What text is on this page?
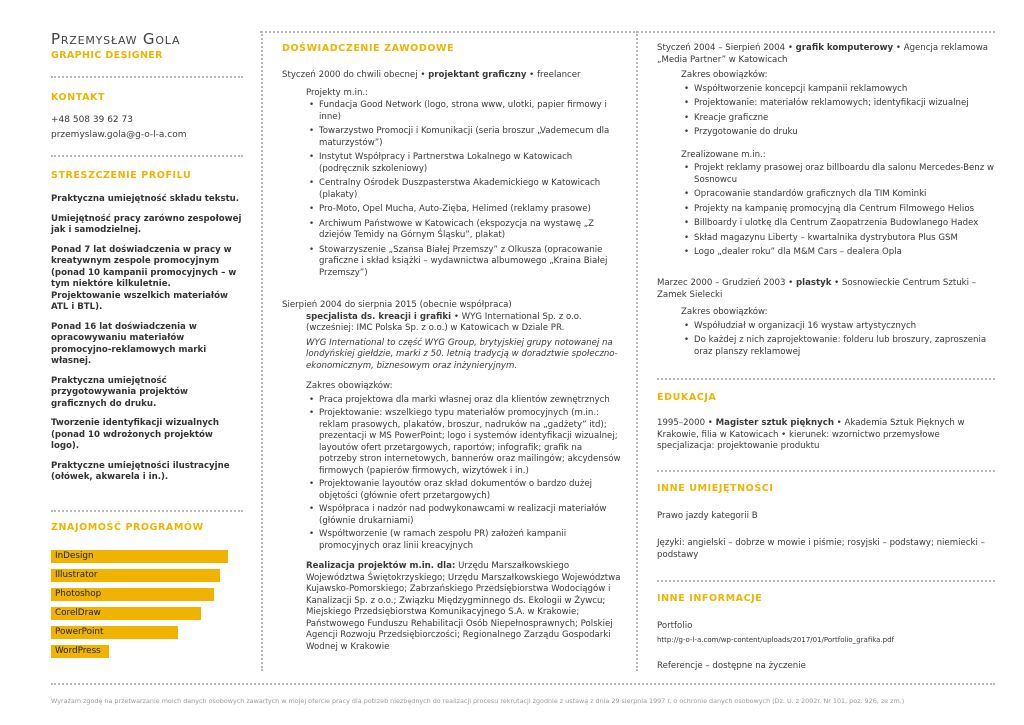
Przemysław Gola
GRAPHIC DESIGNER
KONTAKT
+48 508 39 62 73
przemyslaw.gola@g-o-l-a.com
STRESZCZENIE PROFILU

Praktyczna umiejętność składu tekstu.

Umiejętność pracy zarówno zespołowej jak i samodzielnej.

Ponad 7 lat doświadczenia w pracy w kreatywnym zespole promocyjnym (ponad 10 kampanii promocyjnych – w tym niektóre kilkuletnie. Projektowanie wszelkich materiałów ATL i BTL).

Ponad 16 lat doświadczenia w opracowywaniu materiałów promocyjno-reklamowych marki własnej.

Praktyczna umiejętność przygotowywania projektów graficznych do druku.

Tworzenie identyfikacji wizualnych (ponad 10 wdrożonych projektów logo).

Praktyczne umiejętności ilustracyjne (ołówek, akwarela i in.).

ZNAJOMOŚĆ PROGRAMÓW
InDesign
Illustrator
Photoshop
CorelDraw
PowerPoint
WordPress
DOŚWIADCZENIE ZAWODOWE
Styczeń 2000 do chwili obecnej • projektant graficzny • freelancer
Projekty m.in.:
• Fundacja Good Network (logo, strona www, ulotki, papier firmowy i inne)
• Towarzystwo Promocji i Komunikacji (seria broszur „Vademecum dla maturzystów”)
• Instytut Współpracy i Partnerstwa Lokalnego w Katowicach (podręcznik szkoleniowy)
• Centralny Ośrodek Duszpasterstwa Akademickiego w Katowicach (plakaty)
• Pro-Moto, Opel Mucha, Auto-Zięba, Helimed (reklamy prasowe)
• Archiwum Państwowe w Katowicach (ekspozycja na wystawę „Z dziejów Temidy na Górnym Śląsku”, plakat)
• Stowarzyszenie „Szansa Białej Przemszy” z Olkusza (opracowanie graficzne i skład książki – wydawnictwa albumowego „Kraina Białej Przemszy”)
Sierpień 2004 do sierpnia 2015 (obecnie współpraca)
specjalista ds. kreacji i grafiki • WYG International Sp. z o.o. (wcześniej: IMC Polska Sp. z o.o.) w Katowicach w Dziale PR.
WYG International to część WYG Group, brytyjskiej grupy notowanej na londyńskiej giełdzie, marki z 50. letnią tradycją w doradztwie społeczno-ekonomicznym, biznesowym oraz inżynieryjnym.
Zakres obowiązków:
• Praca projektowa dla marki własnej oraz dla klientów zewnętrznych
• Projektowanie: wszelkiego typu materiałów promocyjnych (m.in.: reklam prasowych, plakatów, broszur, nadruków na „gadżety” itd); prezentacji w MS PowerPoint; logo i systemów identyfikacji wizualnej; layoutów ofert przetargowych, raportów; infografik; grafik na potrzeby stron internetowych, bannerów oraz mailingów; akcydensów firmowych (papierów firmowych, wizytówek i in.)
• Projektowanie layoutów oraz skład dokumentów o bardzo dużej objętości (głównie ofert przetargowych)
• Współpraca i nadzór nad podwykonawcami w realizacji materiałów (głównie drukarniami)
• Współtworzenie (w ramach zespołu PR) założeń kampanii promocyjnych oraz linii kreacyjnych
Realizacja projektów m.in. dla: Urzędu Marszałkowskiego Województwa Świętokrzyskiego; Urzędu Marszałkowskiego Województwa Kujawsko-Pomorskiego; Zabrzańskiego Przedsiębiorstwa Wodociągów i Kanalizacji Sp. z o.o.; Związku Międzygminnego ds. Ekologii w Żywcu; Miejskiego Przedsiębiorstwa Komunikacyjnego S.A. w Krakowie; Państwowego Funduszu Rehabilitacji Osób Niepełnosprawnych; Polskiej Agencji Rozwoju Przedsiębiorczości; Regionalnego Zarządu Gospodarki Wodnej w Krakowie
Styczeń 2004 – Sierpień 2004 • grafik komputerowy • Agencja reklamowa „Media Partner” w Katowicach
Zakres obowiązków:
• Współtworzenie koncepcji kampanii reklamowych
• Projektowanie: materiałów reklamowych; identyfikacji wizualnej
• Kreacje graficzne
• Przygotowanie do druku
Zrealizowane m.in.:
• Projekt reklamy prasowej oraz billboardu dla salonu Mercedes-Benz w Sosnowcu
• Opracowanie standardów graficznych dla TIM Kominki
• Projekty na kampanię promocyjną dla Centrum Filmowego Helios
• Billboardy i ulotkę dla Centrum Zaopatrzenia Budowlanego Hadex
• Skład magazynu Liberty – kwartalnika dystrybutora Plus GSM
• Logo „dealer roku” dla M&M Cars – dealera Opla
Marzec 2000 – Grudzień 2003 • plastyk • Sosnowieckie Centrum Sztuki – Zamek Sielecki
Zakres obowiązków:
• Współudział w organizacji 16 wystaw artystycznych
• Do każdej z nich zaprojektowanie: folderu lub broszury, zaproszenia oraz planszy reklamowej
EDUKACJA
1995–2000 • Magister sztuk pięknych • Akademia Sztuk Pięknych w Krakowie, filia w Katowicach • kierunek: wzornictwo przemysłowe specjalizacja: projektowanie produktu
INNE UMIEJĘTNOŚCI
Prawo jazdy kategorii B
Języki: angielski – dobrze w mowie i piśmie; rosyjski – podstawy; niemiecki – podstawy
INNE INFORMACJE
Portfolio
http://g-o-l-a.com/wp-content/uploads/2017/01/Portfolio_grafika.pdf
Referencje – dostępne na życzenie
Wyrażam zgodę na przetwarzanie moich danych osobowych zawartych w mojej ofercie pracy dla potrzeb niezbędnych do realizacji procesu rekrutacji zgodnie z ustawą z dnia 29 sierpnia 1997 r. o ochronie danych osobowych (Dz. U. z 2002r. Nr 101, poz. 926, ze zm.)
